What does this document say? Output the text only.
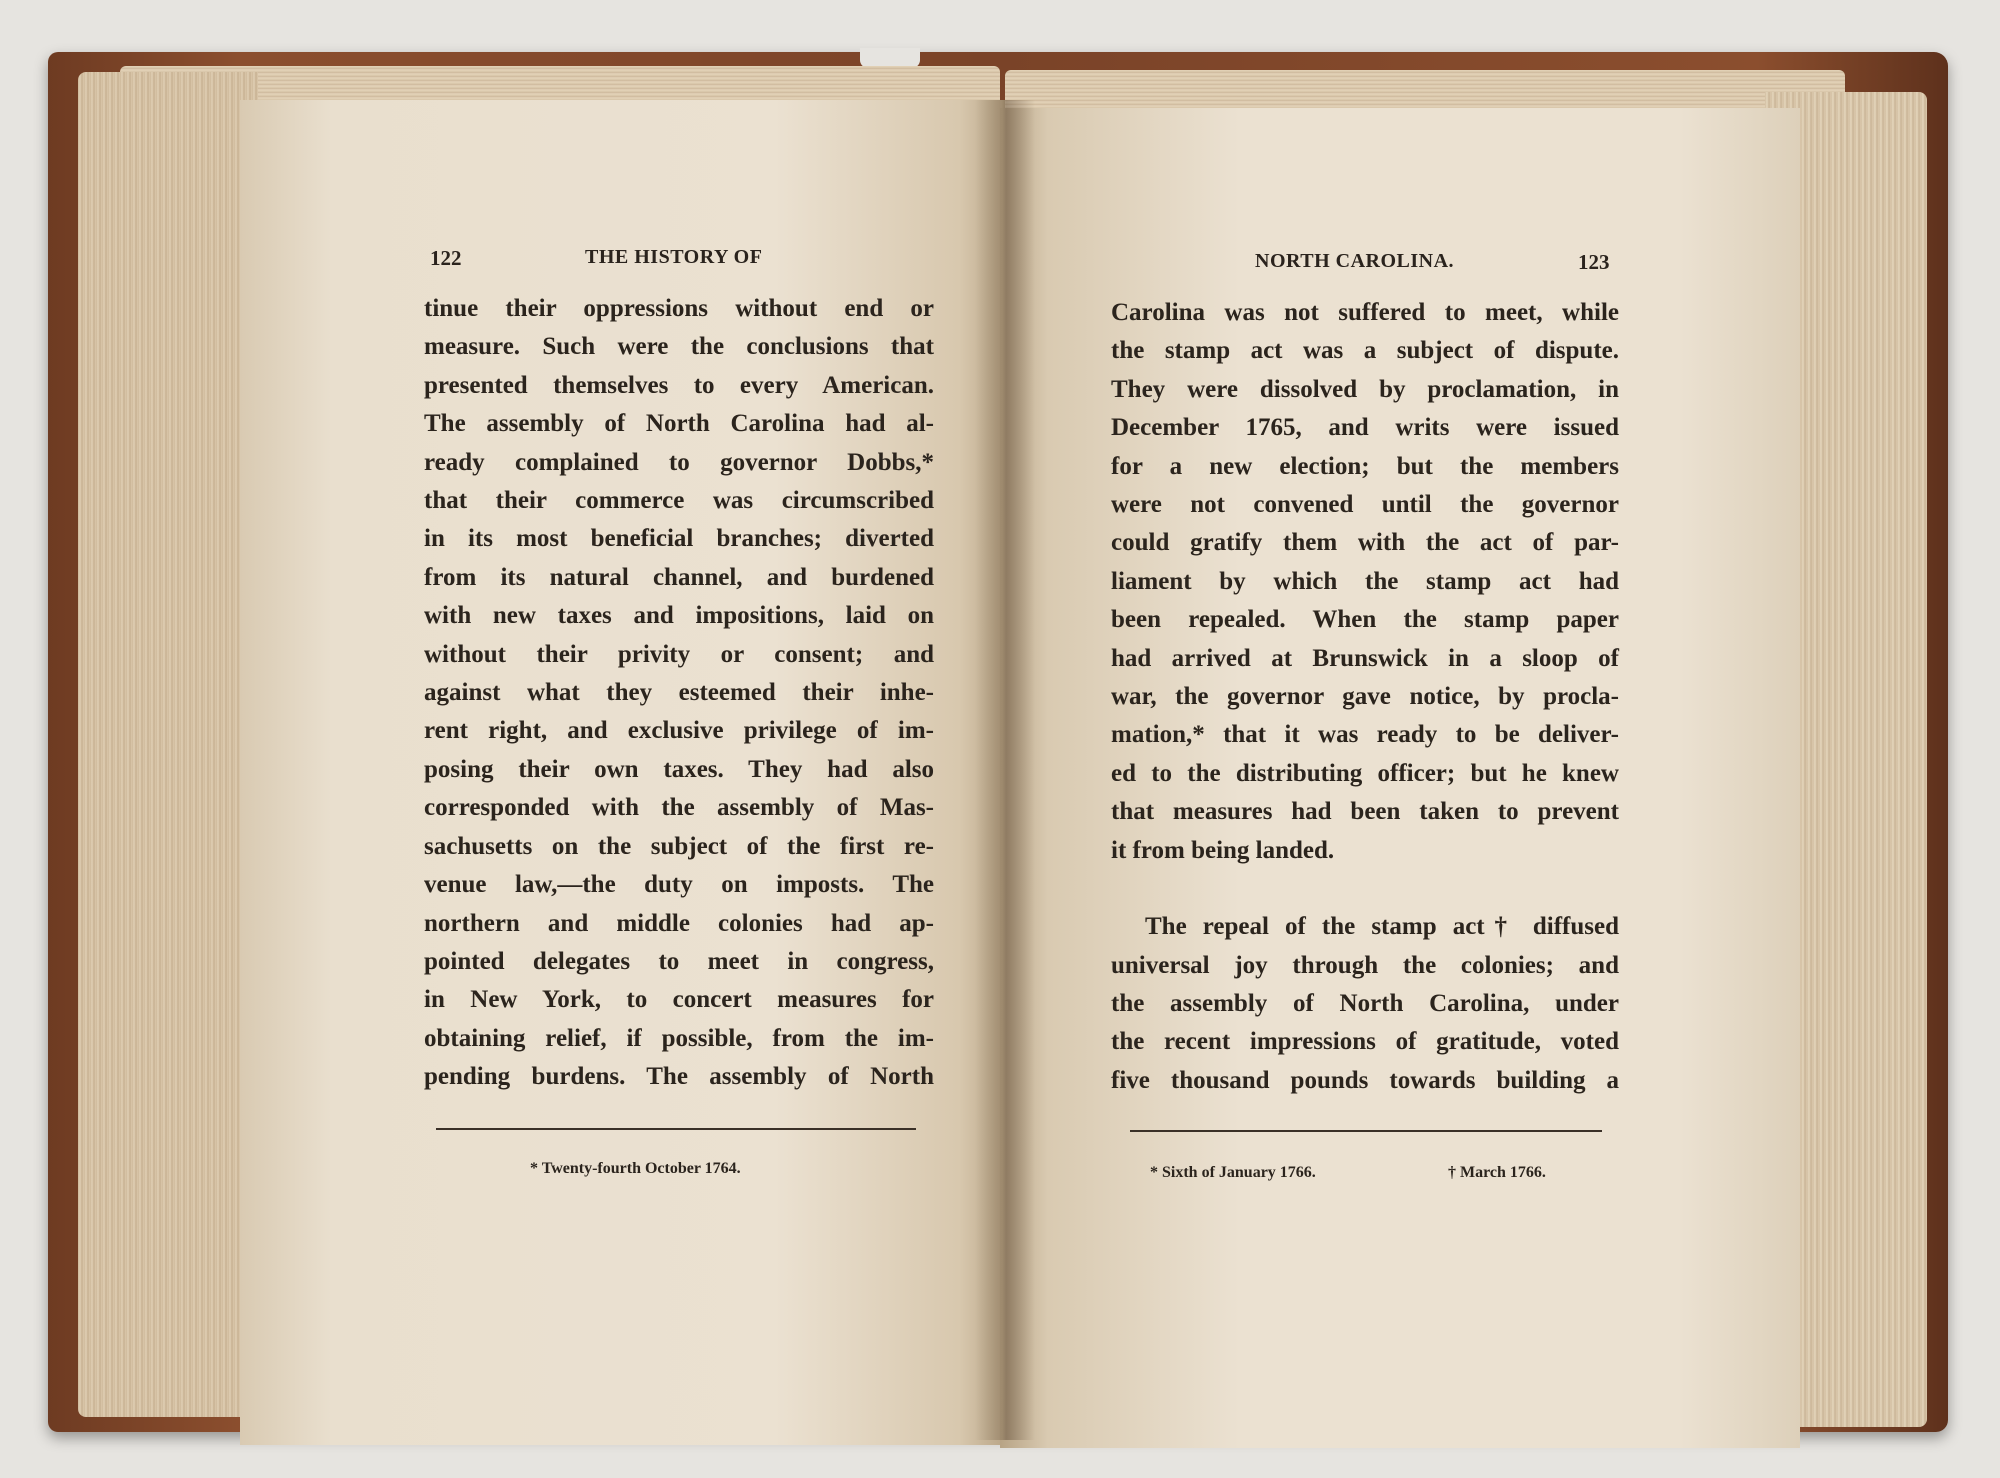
122	THE HISTORY OF
tinue their oppressions without end or
measure. Such were the conclusions that
presented themselves to every American.
The assembly of North Carolina had al-
ready complained to governor Dobbs,*
that their commerce was circumscribed
in its most beneficial branches; diverted
from its natural channel, and burdened
with new taxes and impositions, laid on
without their privity or consent; and
against what they esteemed their inhe-
rent right, and exclusive privilege of im-
posing their own taxes. They had also
corresponded with the assembly of Mas-
sachusetts on the subject of the first re-
venue law,—the duty on imposts. The
northern and middle colonies had ap-
pointed delegates to meet in congress,
in New York, to concert measures for
obtaining relief, if possible, from the im-
pending burdens. The assembly of North
* Twenty-fourth October 1764.
NORTH CAROLINA.	123
Carolina was not suffered to meet, while
the stamp act was a subject of dispute.
They were dissolved by proclamation, in
December 1765, and writs were issued
for a new election; but the members
were not convened until the governor
could gratify them with the act of par-
liament by which the stamp act had
been repealed. When the stamp paper
had arrived at Brunswick in a sloop of
war, the governor gave notice, by procla-
mation,* that it was ready to be deliver-
ed to the distributing officer; but he knew
that measures had been taken to prevent
it from being landed.
The repeal of the stamp act† diffused
universal joy through the colonies; and
the assembly of North Carolina, under
the recent impressions of gratitude, voted
five thousand pounds towards building a
* Sixth of January 1766.	† March 1766.
